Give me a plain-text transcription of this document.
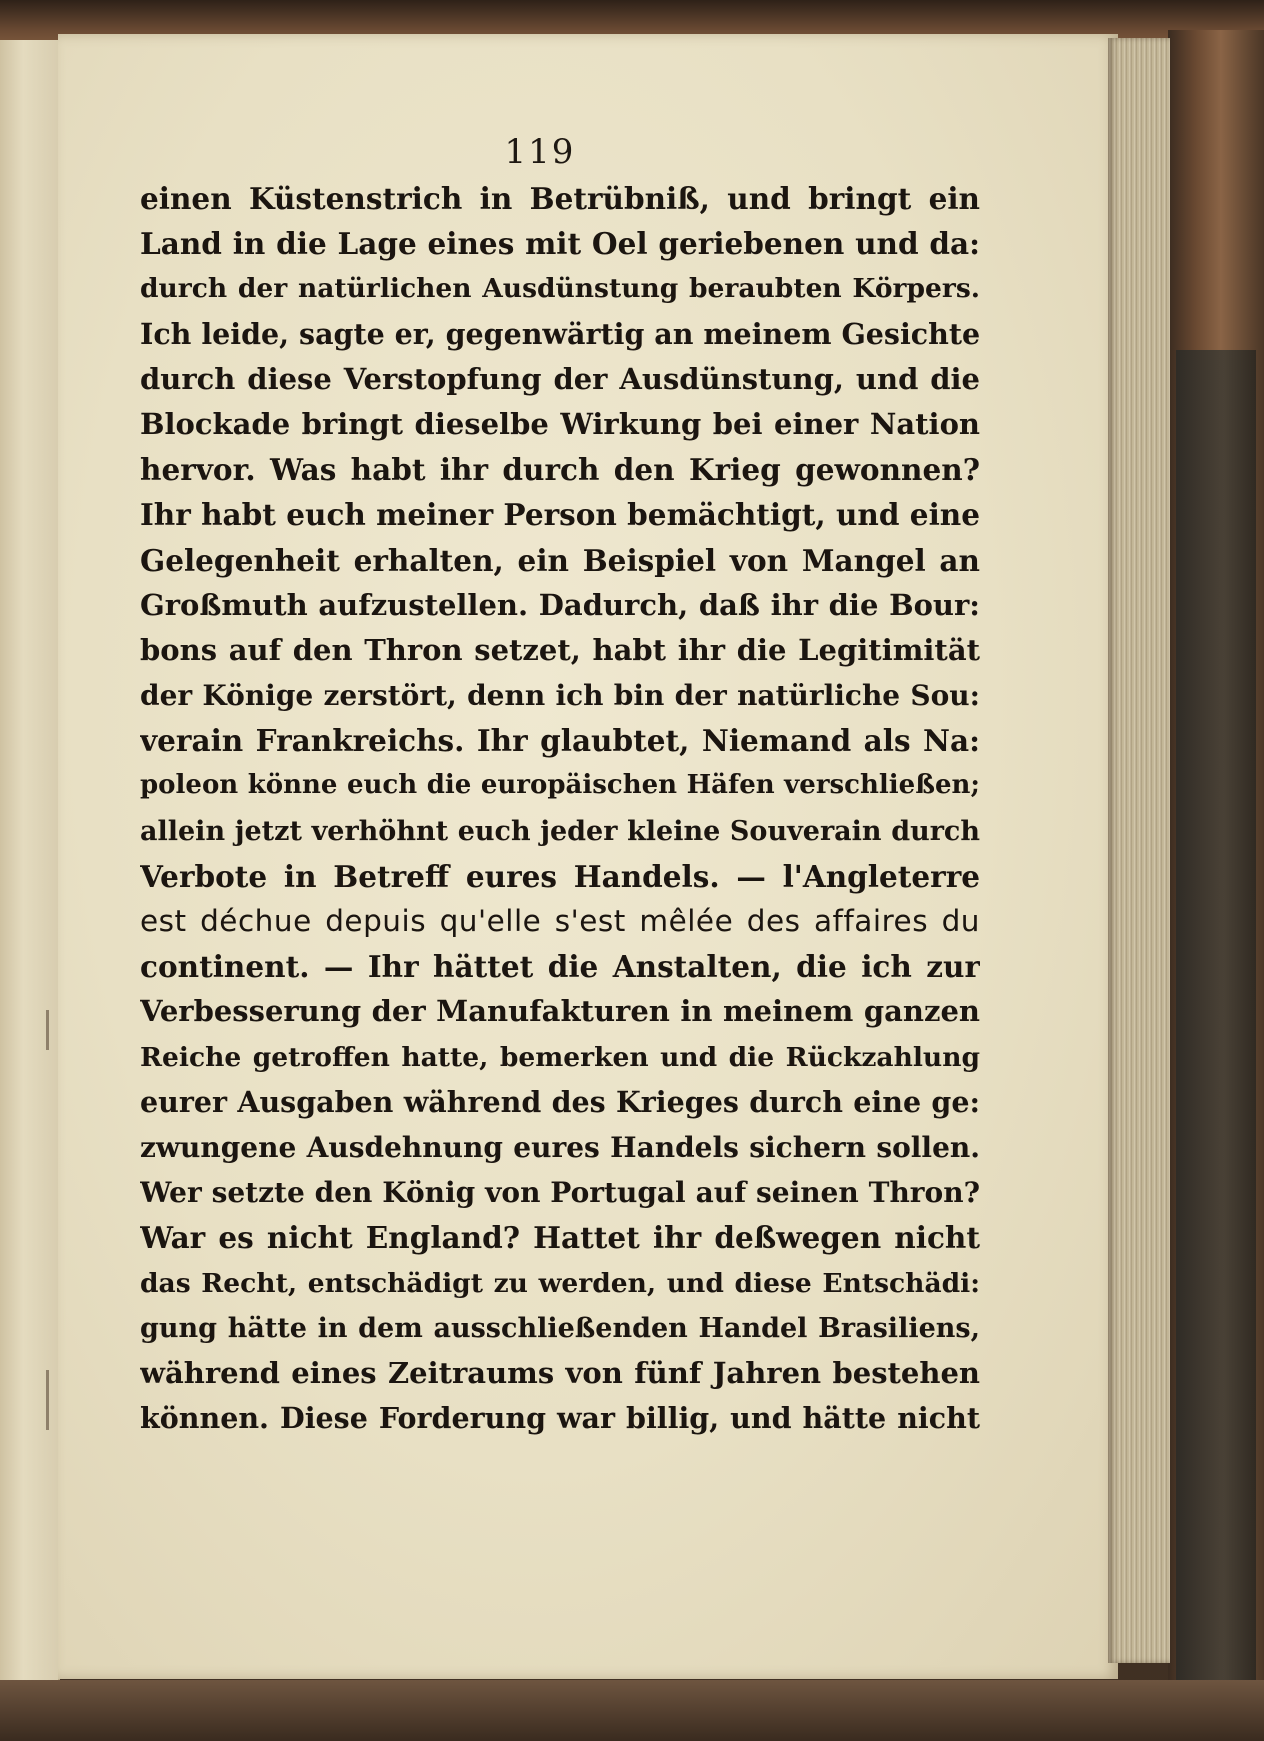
119
einen Küstenstrich in Betrübniß, und bringt ein
Land in die Lage eines mit Oel geriebenen und da:
durch der natürlichen Ausdünstung beraubten Körpers.
Ich leide, sagte er, gegenwärtig an meinem Gesichte
durch diese Verstopfung der Ausdünstung, und die
Blockade bringt dieselbe Wirkung bei einer Nation
hervor. Was habt ihr durch den Krieg gewonnen?
Ihr habt euch meiner Person bemächtigt, und eine
Gelegenheit erhalten, ein Beispiel von Mangel an
Großmuth aufzustellen. Dadurch, daß ihr die Bour:
bons auf den Thron setzet, habt ihr die Legitimität
der Könige zerstört, denn ich bin der natürliche Sou:
verain Frankreichs. Ihr glaubtet, Niemand als Na:
poleon könne euch die europäischen Häfen verschließen;
allein jetzt verhöhnt euch jeder kleine Souverain durch
Verbote in Betreff eures Handels. — l'Angleterre
est déchue depuis qu'elle s'est mêlée des affaires du
continent. — Ihr hättet die Anstalten, die ich zur
Verbesserung der Manufakturen in meinem ganzen
Reiche getroffen hatte, bemerken und die Rückzahlung
eurer Ausgaben während des Krieges durch eine ge:
zwungene Ausdehnung eures Handels sichern sollen.
Wer setzte den König von Portugal auf seinen Thron?
War es nicht England? Hattet ihr deßwegen nicht
das Recht, entschädigt zu werden, und diese Entschädi:
gung hätte in dem ausschließenden Handel Brasiliens,
während eines Zeitraums von fünf Jahren bestehen
können. Diese Forderung war billig, und hätte nicht
